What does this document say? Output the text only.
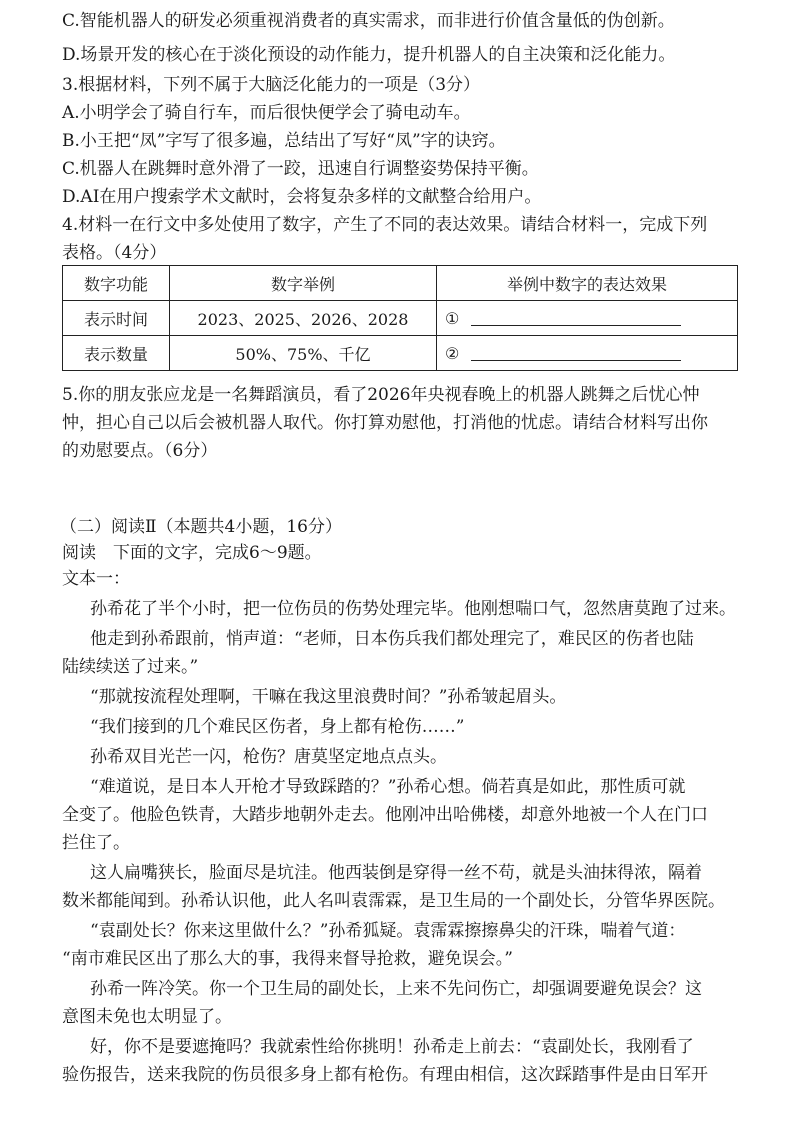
C.智能机器人的研发必须重视消费者的真实需求，而非进行价值含量低的伪创新。
D.场景开发的核心在于淡化预设的动作能力，提升机器人的自主决策和泛化能力。
3.根据材料，下列不属于大脑泛化能力的一项是（3分）
A.小明学会了骑自行车，而后很快便学会了骑电动车。
B.小王把“凤”字写了很多遍，总结出了写好“凤”字的诀窍。
C.机器人在跳舞时意外滑了一跤，迅速自行调整姿势保持平衡。
D.AI在用户搜索学术文献时，会将复杂多样的文献整合给用户。
4.材料一在行文中多处使用了数字，产生了不同的表达效果。请结合材料一，完成下列
表格。（4分）
数字功能	数字举例	举例中数字的表达效果
表示时间	2023、2025、2026、2028	①
表示数量	50%、75%、千亿	②
5.你的朋友张应龙是一名舞蹈演员，看了2026年央视春晚上的机器人跳舞之后忧心忡
忡，担心自己以后会被机器人取代。你打算劝慰他，打消他的忧虑。请结合材料写出你
的劝慰要点。（6分）
（二）阅读Ⅱ（本题共4小题，16分）
阅读　下面的文字，完成6～9题。
文本一：
孙希花了半个小时，把一位伤员的伤势处理完毕。他刚想喘口气，忽然唐莫跑了过来。
他走到孙希跟前，悄声道：“老师，日本伤兵我们都处理完了，难民区的伤者也陆
陆续续送了过来。”
“那就按流程处理啊，干嘛在我这里浪费时间？”孙希皱起眉头。
“我们接到的几个难民区伤者，身上都有枪伤……”
孙希双目光芒一闪，枪伤？唐莫坚定地点点头。
“难道说，是日本人开枪才导致踩踏的？”孙希心想。倘若真是如此，那性质可就
全变了。他脸色铁青，大踏步地朝外走去。他刚冲出哈佛楼，却意外地被一个人在门口
拦住了。
这人扁嘴狭长，脸面尽是坑洼。他西装倒是穿得一丝不苟，就是头油抹得浓，隔着
数米都能闻到。孙希认识他，此人名叫袁霈霖，是卫生局的一个副处长，分管华界医院。
“袁副处长？你来这里做什么？”孙希狐疑。袁霈霖擦擦鼻尖的汗珠，喘着气道：
“南市难民区出了那么大的事，我得来督导抢救，避免误会。”
孙希一阵冷笑。你一个卫生局的副处长，上来不先问伤亡，却强调要避免误会？这
意图未免也太明显了。
好，你不是要遮掩吗？我就索性给你挑明！孙希走上前去：“袁副处长，我刚看了
验伤报告，送来我院的伤员很多身上都有枪伤。有理由相信，这次踩踏事件是由日军开
